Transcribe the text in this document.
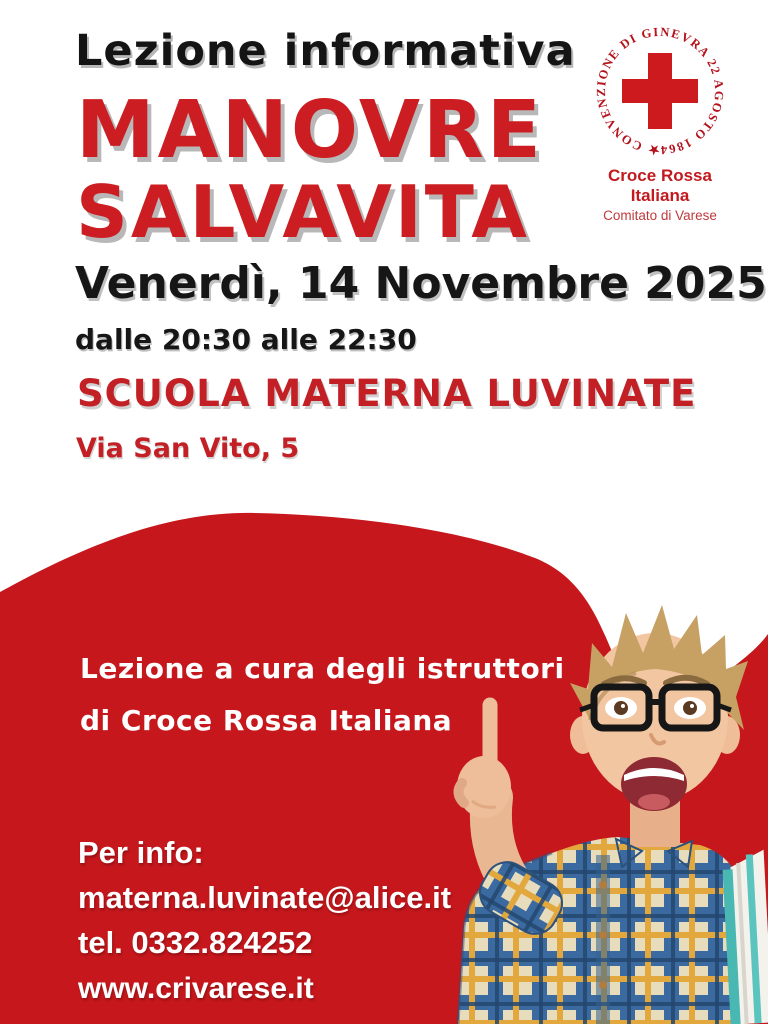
Lezione informativa
MANOVRE
SALVAVITA
★ CONVENZIONE DI GINEVRA 22 AGOSTO 1864
Croce Rossa Italiana
Comitato di Varese
Venerdì, 14 Novembre 2025
dalle 20:30 alle 22:30
SCUOLA MATERNA LUVINATE
Via San Vito, 5
Lezione a cura degli istruttori
di Croce Rossa Italiana
Per info:
materna.luvinate@alice.it
tel. 0332.824252
www.crivarese.it
